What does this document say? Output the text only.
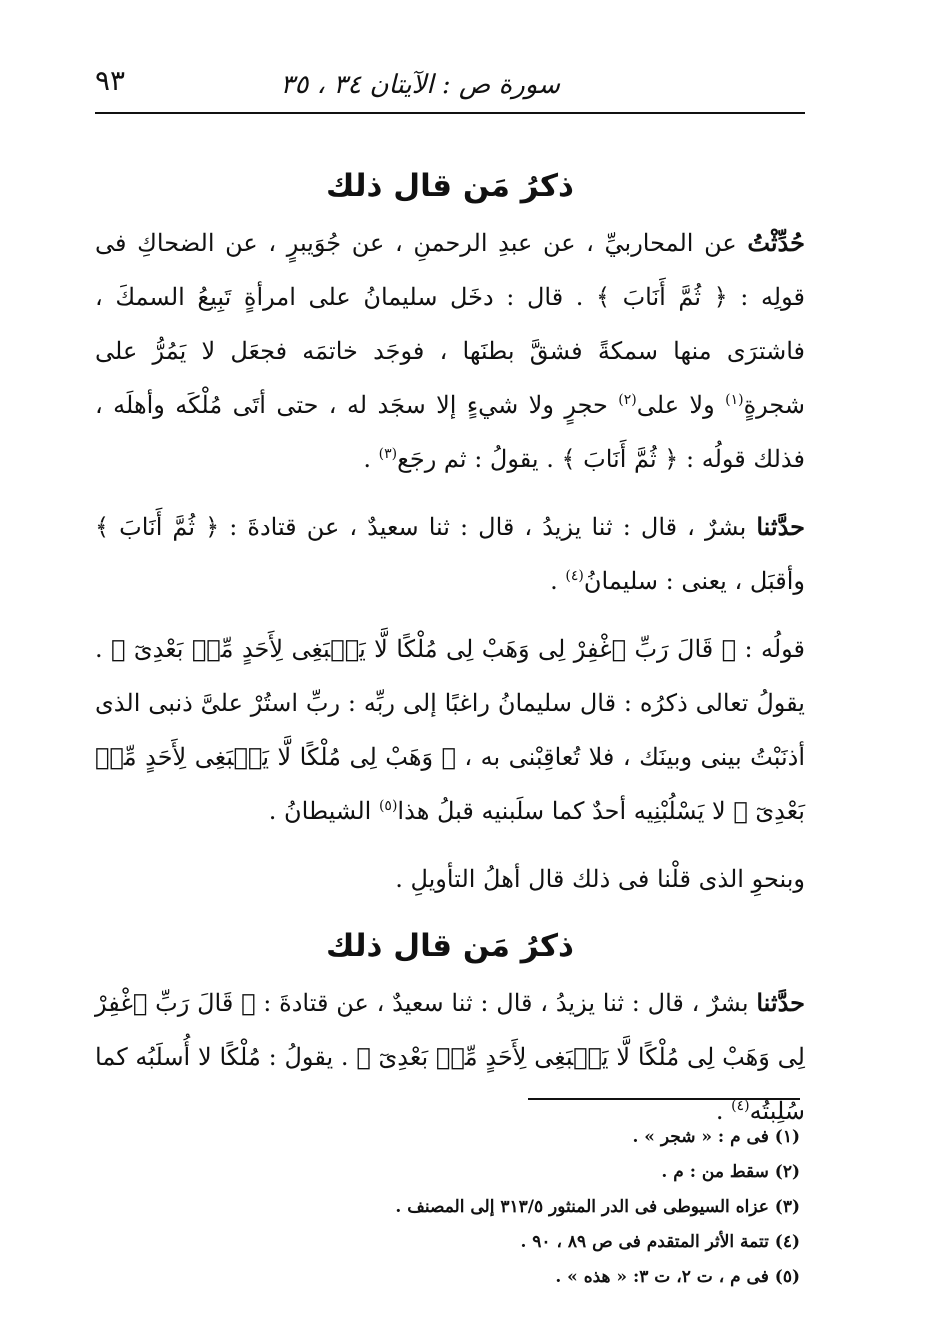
سورة ص : الآيتان ٣٤ ، ٣٥
٩٣
ذكرُ مَن قال ذلك

حُدِّثْتُ عن المحاربيِّ ، عن عبدِ الرحمنِ ، عن جُوَيبرٍ ، عن الضحاكِ فى قولِه : ﴿ ثُمَّ أَنَابَ ﴾ . قال : دخَل سليمانُ على امرأةٍ تَبِيعُ السمكَ ، فاشترَى منها سمكةً فشقَّ بطنَها ، فوجَد خاتمَه فجعَل لا يَمُرُّ على شجرةٍ$^{(١)}$ ولا على$^{(٢)}$ حجرٍ ولا شيءٍ إلا سجَد له ، حتى أتَى مُلْكَه وأهلَه ، فذلك قولُه : ﴿ ثُمَّ أَنَابَ ﴾ . يقولُ : ثم رجَع$^{(٣)}$ .

حدَّثنا بشرٌ ، قال : ثنا يزيدُ ، قال : ثنا سعيدٌ ، عن قتادةَ : ﴿ ثُمَّ أَنَابَ ﴾ وأقبَل ، يعنى : سليمانُ$^{(٤)}$ .

قولُه : ﴿ قَالَ رَبِّ ٱغْفِرْ لِى وَهَبْ لِى مُلْكًا لَّا يَنۢبَغِى لِأَحَدٍ مِّنۢ بَعْدِىٓ ﴾ . يقولُ تعالى ذكرُه : قال سليمانُ راغبًا إلى ربِّه : ربِّ استُرْ علىَّ ذنبى الذى أذنَبْتُ بينى وبينَك ، فلا تُعاقِبْنى به ، ﴿ وَهَبْ لِى مُلْكًا لَّا يَنۢبَغِى لِأَحَدٍ مِّنۢ بَعْدِىٓ ﴾ لا يَسْلُبْنِيه أحدٌ كما سلَبنيه قبلُ هذا$^{(٥)}$ الشيطانُ .

وبنحوِ الذى قلْنا فى ذلك قال أهلُ التأويلِ .

ذكرُ مَن قال ذلك

حدَّثنا بشرٌ ، قال : ثنا يزيدُ ، قال : ثنا سعيدٌ ، عن قتادةَ : ﴿ قَالَ رَبِّ ٱغْفِرْ لِى وَهَبْ لِى مُلْكًا لَّا يَنۢبَغِى لِأَحَدٍ مِّنۢ بَعْدِىٓ ﴾ . يقولُ : مُلْكًا لا أُسلَبُه كما سُلِبتُه$^{(٤)}$ .

(١) فى م : « شجر » .
(٢) سقط من : م .
(٣) عزاه السيوطى فى الدر المنثور ٣١٣/٥ إلى المصنف .
(٤) تتمة الأثر المتقدم فى ص ٨٩ ، ٩٠ .
(٥) فى م ، ت ٢، ت ٣: « هذه » .
